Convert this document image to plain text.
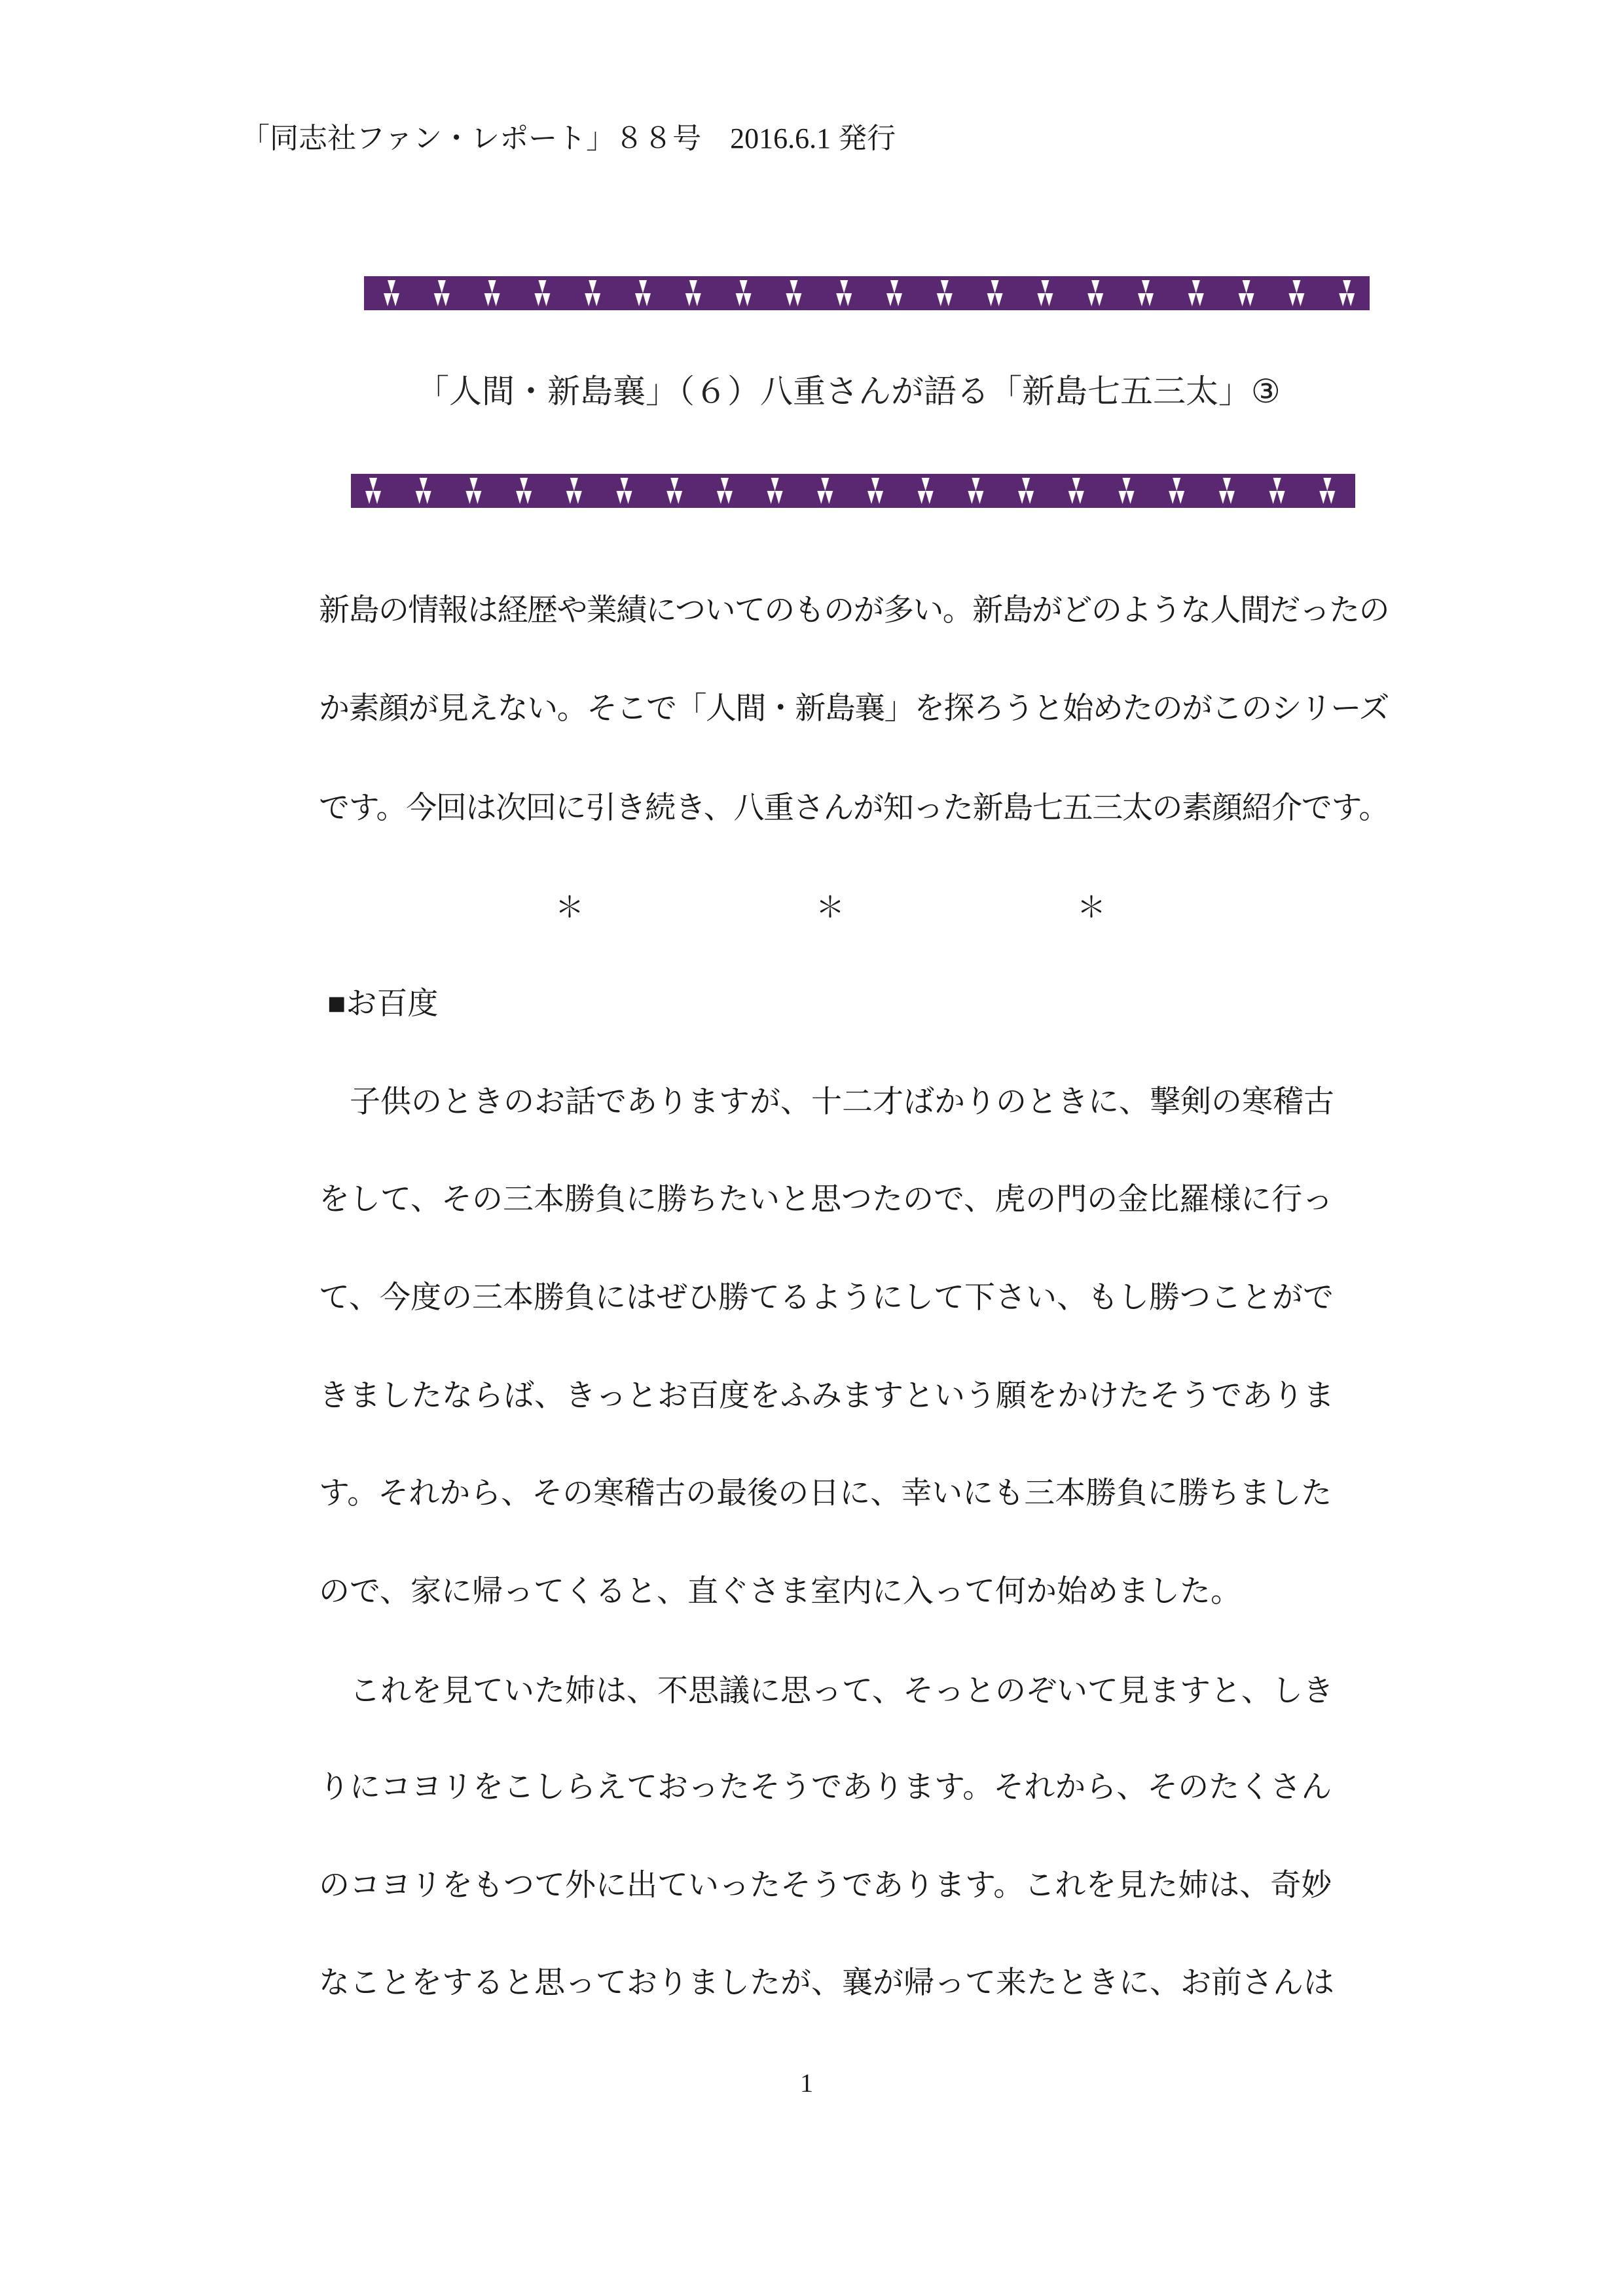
「同志社ファン・レポート」８８号　2016.6.1 発行
「人間・新島襄」（６）八重さんが語る「新島七五三太」③
新島の情報は経歴や業績についてのものが多い。新島がどのような人間だったの
か素顔が見えない。そこで「人間・新島襄」を探ろうと始めたのがこのシリーズ
です。今回は次回に引き続き、八重さんが知った新島七五三太の素顔紹介です。
＊	＊	＊
■お百度
　子供のときのお話でありますが、十二才ばかりのときに、撃剣の寒稽古
をして、その三本勝負に勝ちたいと思つたので、虎の門の金比羅様に行っ
て、今度の三本勝負にはぜひ勝てるようにして下さい、もし勝つことがで
きましたならば、きっとお百度をふみますという願をかけたそうでありま
す。それから、その寒稽古の最後の日に、幸いにも三本勝負に勝ちました
ので、家に帰ってくると、直ぐさま室内に入って何か始めました。
　これを見ていた姉は、不思議に思って、そっとのぞいて見ますと、しき
りにコヨリをこしらえておったそうであります。それから、そのたくさん
のコヨリをもつて外に出ていったそうであります。これを見た姉は、奇妙
なことをすると思っておりましたが、襄が帰って来たときに、お前さんは
1
